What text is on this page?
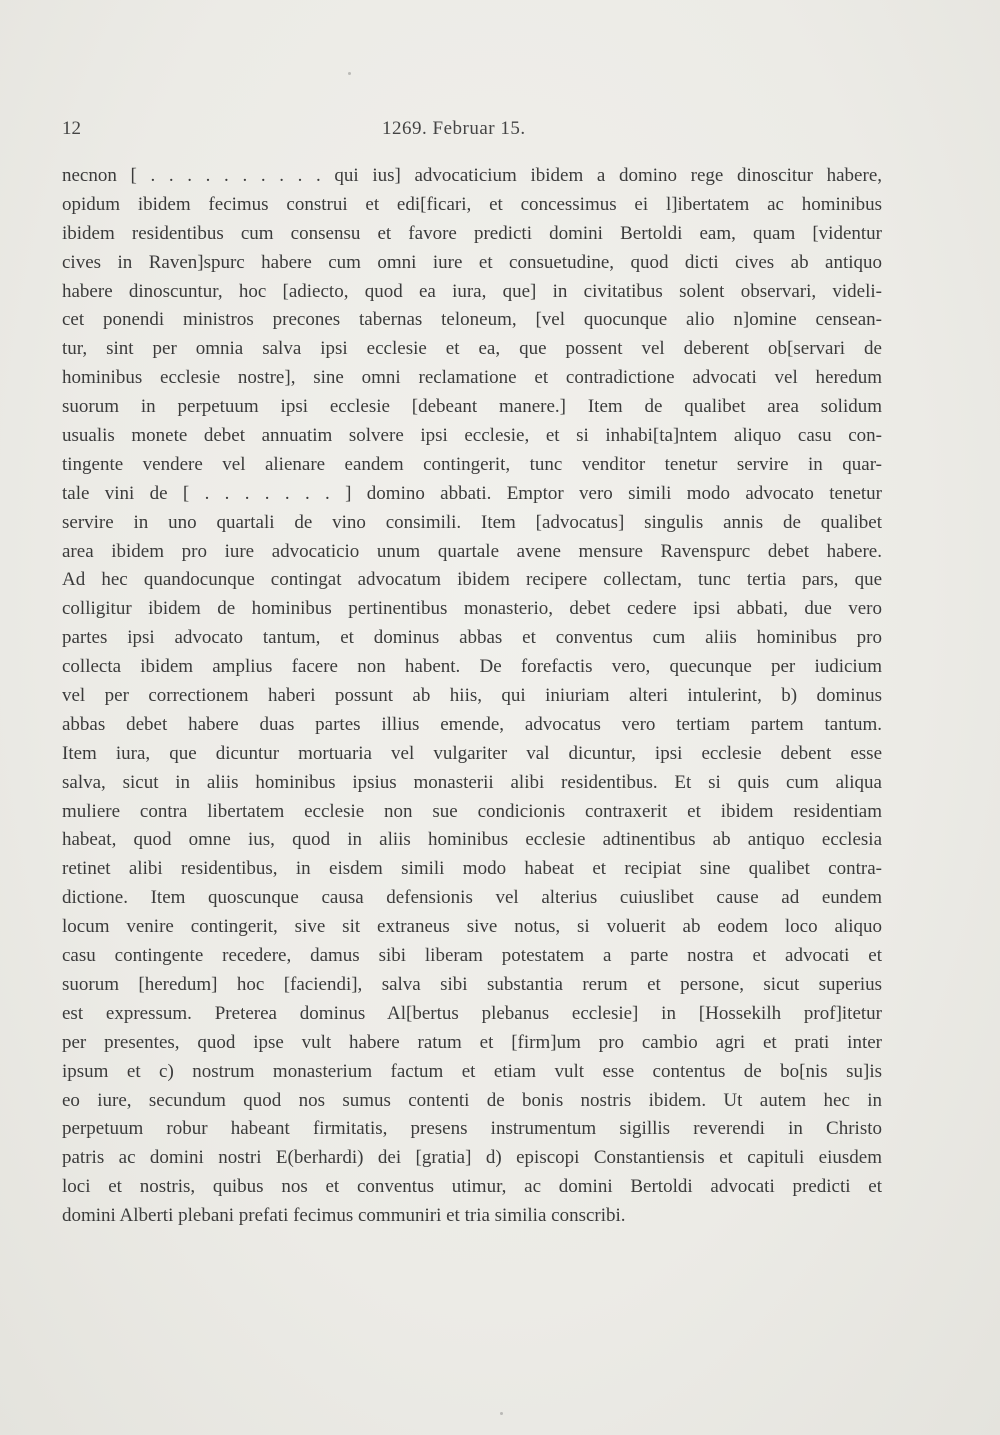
12	1269. Februar 15.
necnon [ . . . . . . . . . . qui ius] advocaticium ibidem a domino rege dinoscitur habere,
opidum ibidem fecimus construi et edi[ficari, et concessimus ei l]ibertatem ac hominibus
ibidem residentibus cum consensu et favore predicti domini Bertoldi eam, quam [videntur
cives in Raven]spurc habere cum omni iure et consuetudine, quod dicti cives ab antiquo
habere dinoscuntur, hoc [adiecto, quod ea iura, que] in civitatibus solent observari, videli-
cet ponendi ministros precones tabernas teloneum, [vel quocunque alio n]omine censean-
tur, sint per omnia salva ipsi ecclesie et ea, que possent vel deberent ob[servari de
hominibus ecclesie nostre], sine omni reclamatione et contradictione advocati vel heredum
suorum in perpetuum ipsi ecclesie [debeant manere.] Item de qualibet area solidum
usualis monete debet annuatim solvere ipsi ecclesie, et si inhabi[ta]ntem aliquo casu con-
tingente vendere vel alienare eandem contingerit, tunc venditor tenetur servire in quar-
tale vini de [ . . . . . . . ] domino abbati. Emptor vero simili modo advocato tenetur
servire in uno quartali de vino consimili. Item [advocatus] singulis annis de qualibet
area ibidem pro iure advocaticio unum quartale avene mensure Ravenspurc debet habere.
Ad hec quandocunque contingat advocatum ibidem recipere collectam, tunc tertia pars, que
colligitur ibidem de hominibus pertinentibus monasterio, debet cedere ipsi abbati, due vero
partes ipsi advocato tantum, et dominus abbas et conventus cum aliis hominibus pro
collecta ibidem amplius facere non habent. De forefactis vero, quecunque per iudicium
vel per correctionem haberi possunt ab hiis, qui iniuriam alteri intulerint, b) dominus
abbas debet habere duas partes illius emende, advocatus vero tertiam partem tantum.
Item iura, que dicuntur mortuaria vel vulgariter val dicuntur, ipsi ecclesie debent esse
salva, sicut in aliis hominibus ipsius monasterii alibi residentibus. Et si quis cum aliqua
muliere contra libertatem ecclesie non sue condicionis contraxerit et ibidem residentiam
habeat, quod omne ius, quod in aliis hominibus ecclesie adtinentibus ab antiquo ecclesia
retinet alibi residentibus, in eisdem simili modo habeat et recipiat sine qualibet contra-
dictione. Item quoscunque causa defensionis vel alterius cuiuslibet cause ad eundem
locum venire contingerit, sive sit extraneus sive notus, si voluerit ab eodem loco aliquo
casu contingente recedere, damus sibi liberam potestatem a parte nostra et advocati et
suorum [heredum] hoc [faciendi], salva sibi substantia rerum et persone, sicut superius
est expressum. Preterea dominus Al[bertus plebanus ecclesie] in [Hossekilh prof]itetur
per presentes, quod ipse vult habere ratum et [firm]um pro cambio agri et prati inter
ipsum et c) nostrum monasterium factum et etiam vult esse contentus de bo[nis su]is
eo iure, secundum quod nos sumus contenti de bonis nostris ibidem. Ut autem hec in
perpetuum robur habeant firmitatis, presens instrumentum sigillis reverendi in Christo
patris ac domini nostri E(berhardi) dei [gratia] d) episcopi Constantiensis et capituli eiusdem
loci et nostris, quibus nos et conventus utimur, ac domini Bertoldi advocati predicti et
domini Alberti plebani prefati fecimus communiri et tria similia conscribi.
